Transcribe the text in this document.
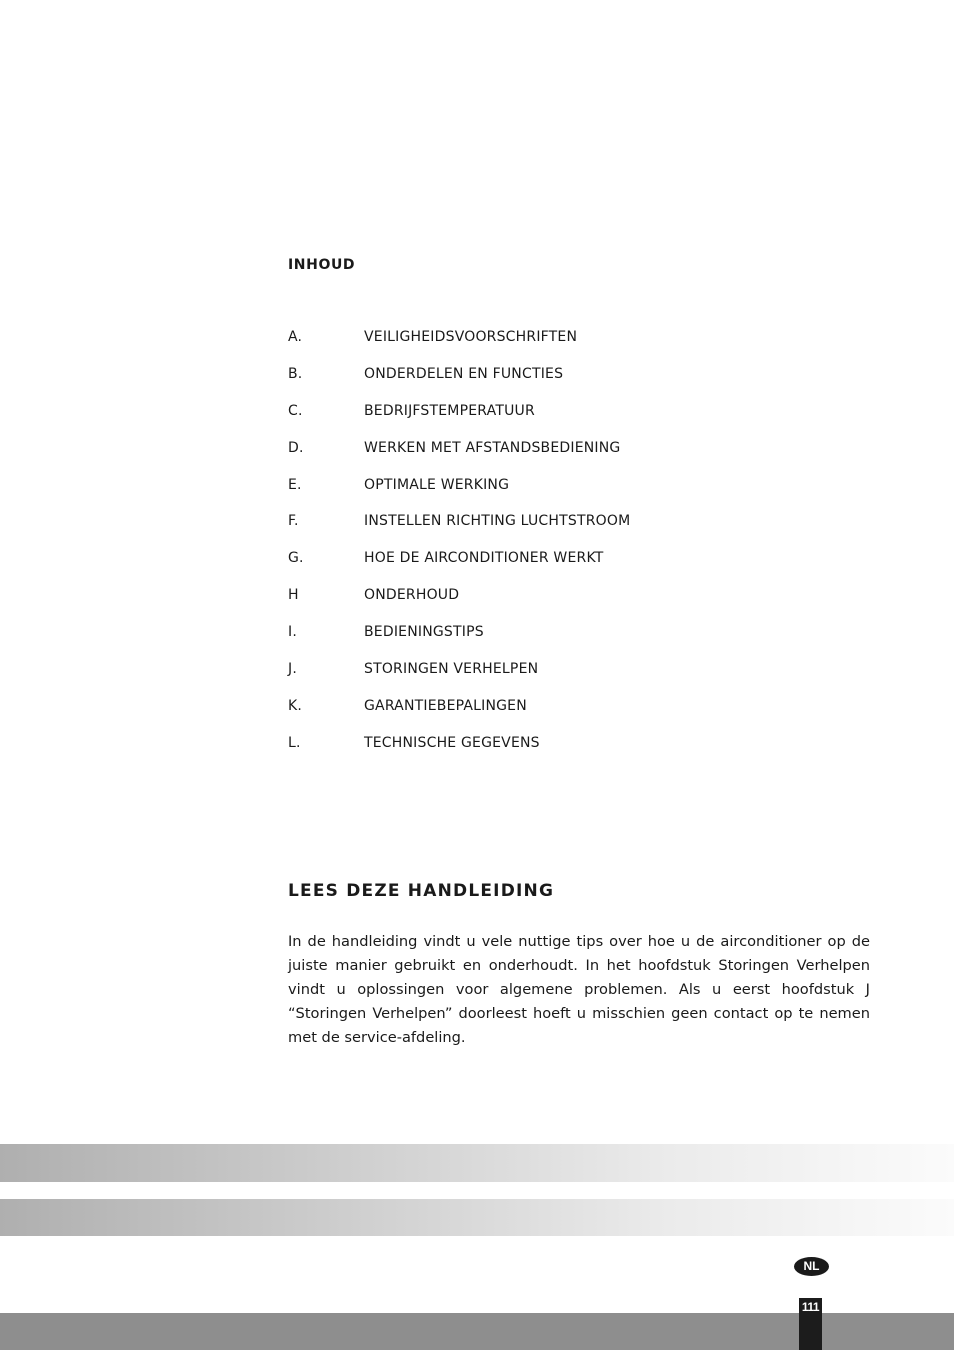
INHOUD
A.	VEILIGHEIDSVOORSCHRIFTEN
B.	ONDERDELEN EN FUNCTIES
C.	BEDRIJFSTEMPERATUUR
D.	WERKEN MET AFSTANDSBEDIENING
E.	OPTIMALE WERKING
F.	INSTELLEN RICHTING LUCHTSTROOM
G.	HOE DE AIRCONDITIONER WERKT
H	ONDERHOUD
I.	BEDIENINGSTIPS
J.	STORINGEN VERHELPEN
K.	GARANTIEBEPALINGEN
L.	TECHNISCHE GEGEVENS
LEES DEZE HANDLEIDING

In de handleiding vindt u vele nuttige tips over hoe u de airconditioner op de juiste manier gebruikt en onderhoudt. In het hoofdstuk Storingen Verhelpen vindt u oplossingen voor algemene problemen. Als u eerst hoofdstuk J “Storingen Verhelpen” doorleest hoeft u misschien geen contact op te nemen met de service-afdeling.

NL
111
